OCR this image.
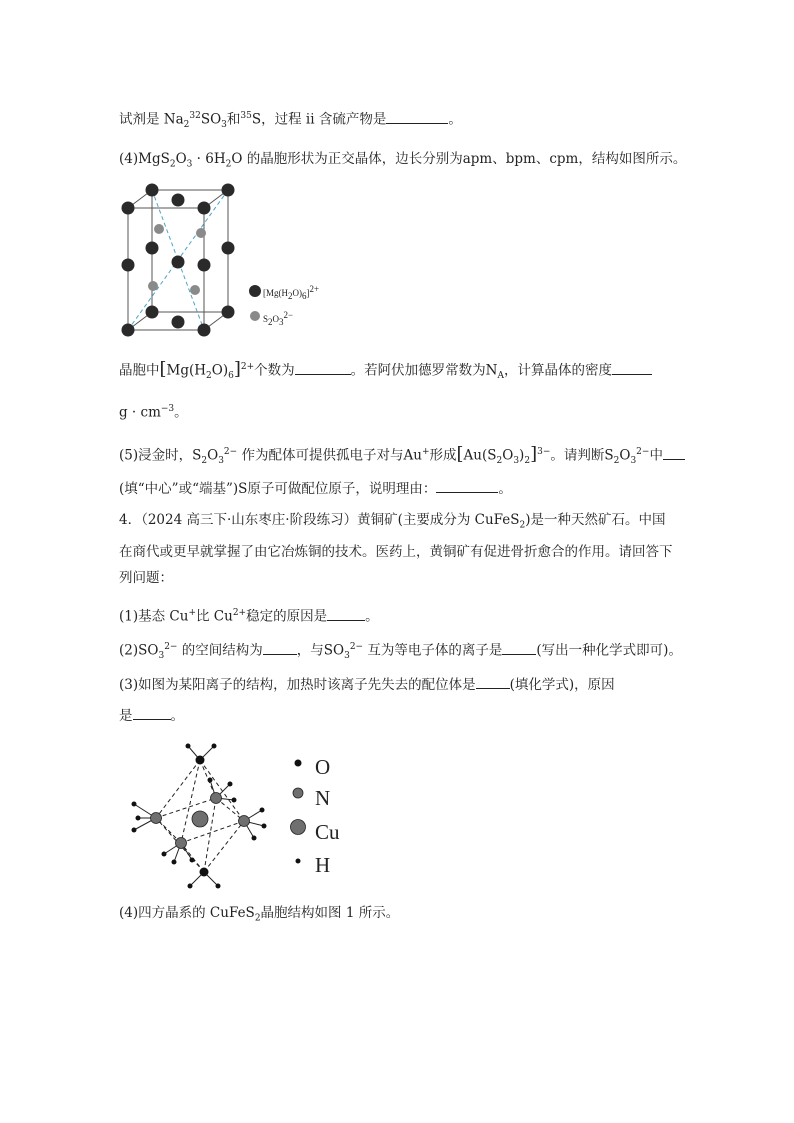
试剂是 $Na_2^{32}SO_3$和$^{35}$S，过程 ii 含硫产物是	。
$(4)MgS_2O_3 \cdot 6H_2O$ 的晶胞形状为正交晶体，边长分别为apm、bpm、cpm，结构如图所示。
$[Mg(H_2O)_6]^{2+}$
$S_2O_3^{2-}$
晶胞中$[Mg(H_2O)_6]^{2+}$个数为	。若阿伏加德罗常数为$N_A$，计算晶体的密度
$g \cdot cm^{-3}$。
(5)浸金时，$S_2O_3^{2-}$ 作为配体可提供孤电子对与Au+形成$[Au(S_2O_3)_2]^{3-}$。请判断$S_2O_3^{2-}$中
(填“中心”或“端基”)S原子可做配位原子，说明理由：	。
4．（2024 高三下·山东枣庄·阶段练习）黄铜矿(主要成分为 CuFeS$_2$)是一种天然矿石。中国在商代或更早就掌握了由它冶炼铜的技术。医药上，黄铜矿有促进骨折愈合的作用。请回答下列问题：
(1)基态 Cu+比 $Cu^{2+}$稳定的原因是	。
$(2)SO_3^{2-}$ 的空间结构为	，与$SO_3^{2-}$ 互为等电子体的离子是	(写出一种化学式即可)。
(3)如图为某阳离子的结构，加热时该离子先失去的配位体是	(填化学式)，原因
是	。
O
N
Cu
H
(4)四方晶系的 CuFeS$_2$晶胞结构如图 1 所示。
